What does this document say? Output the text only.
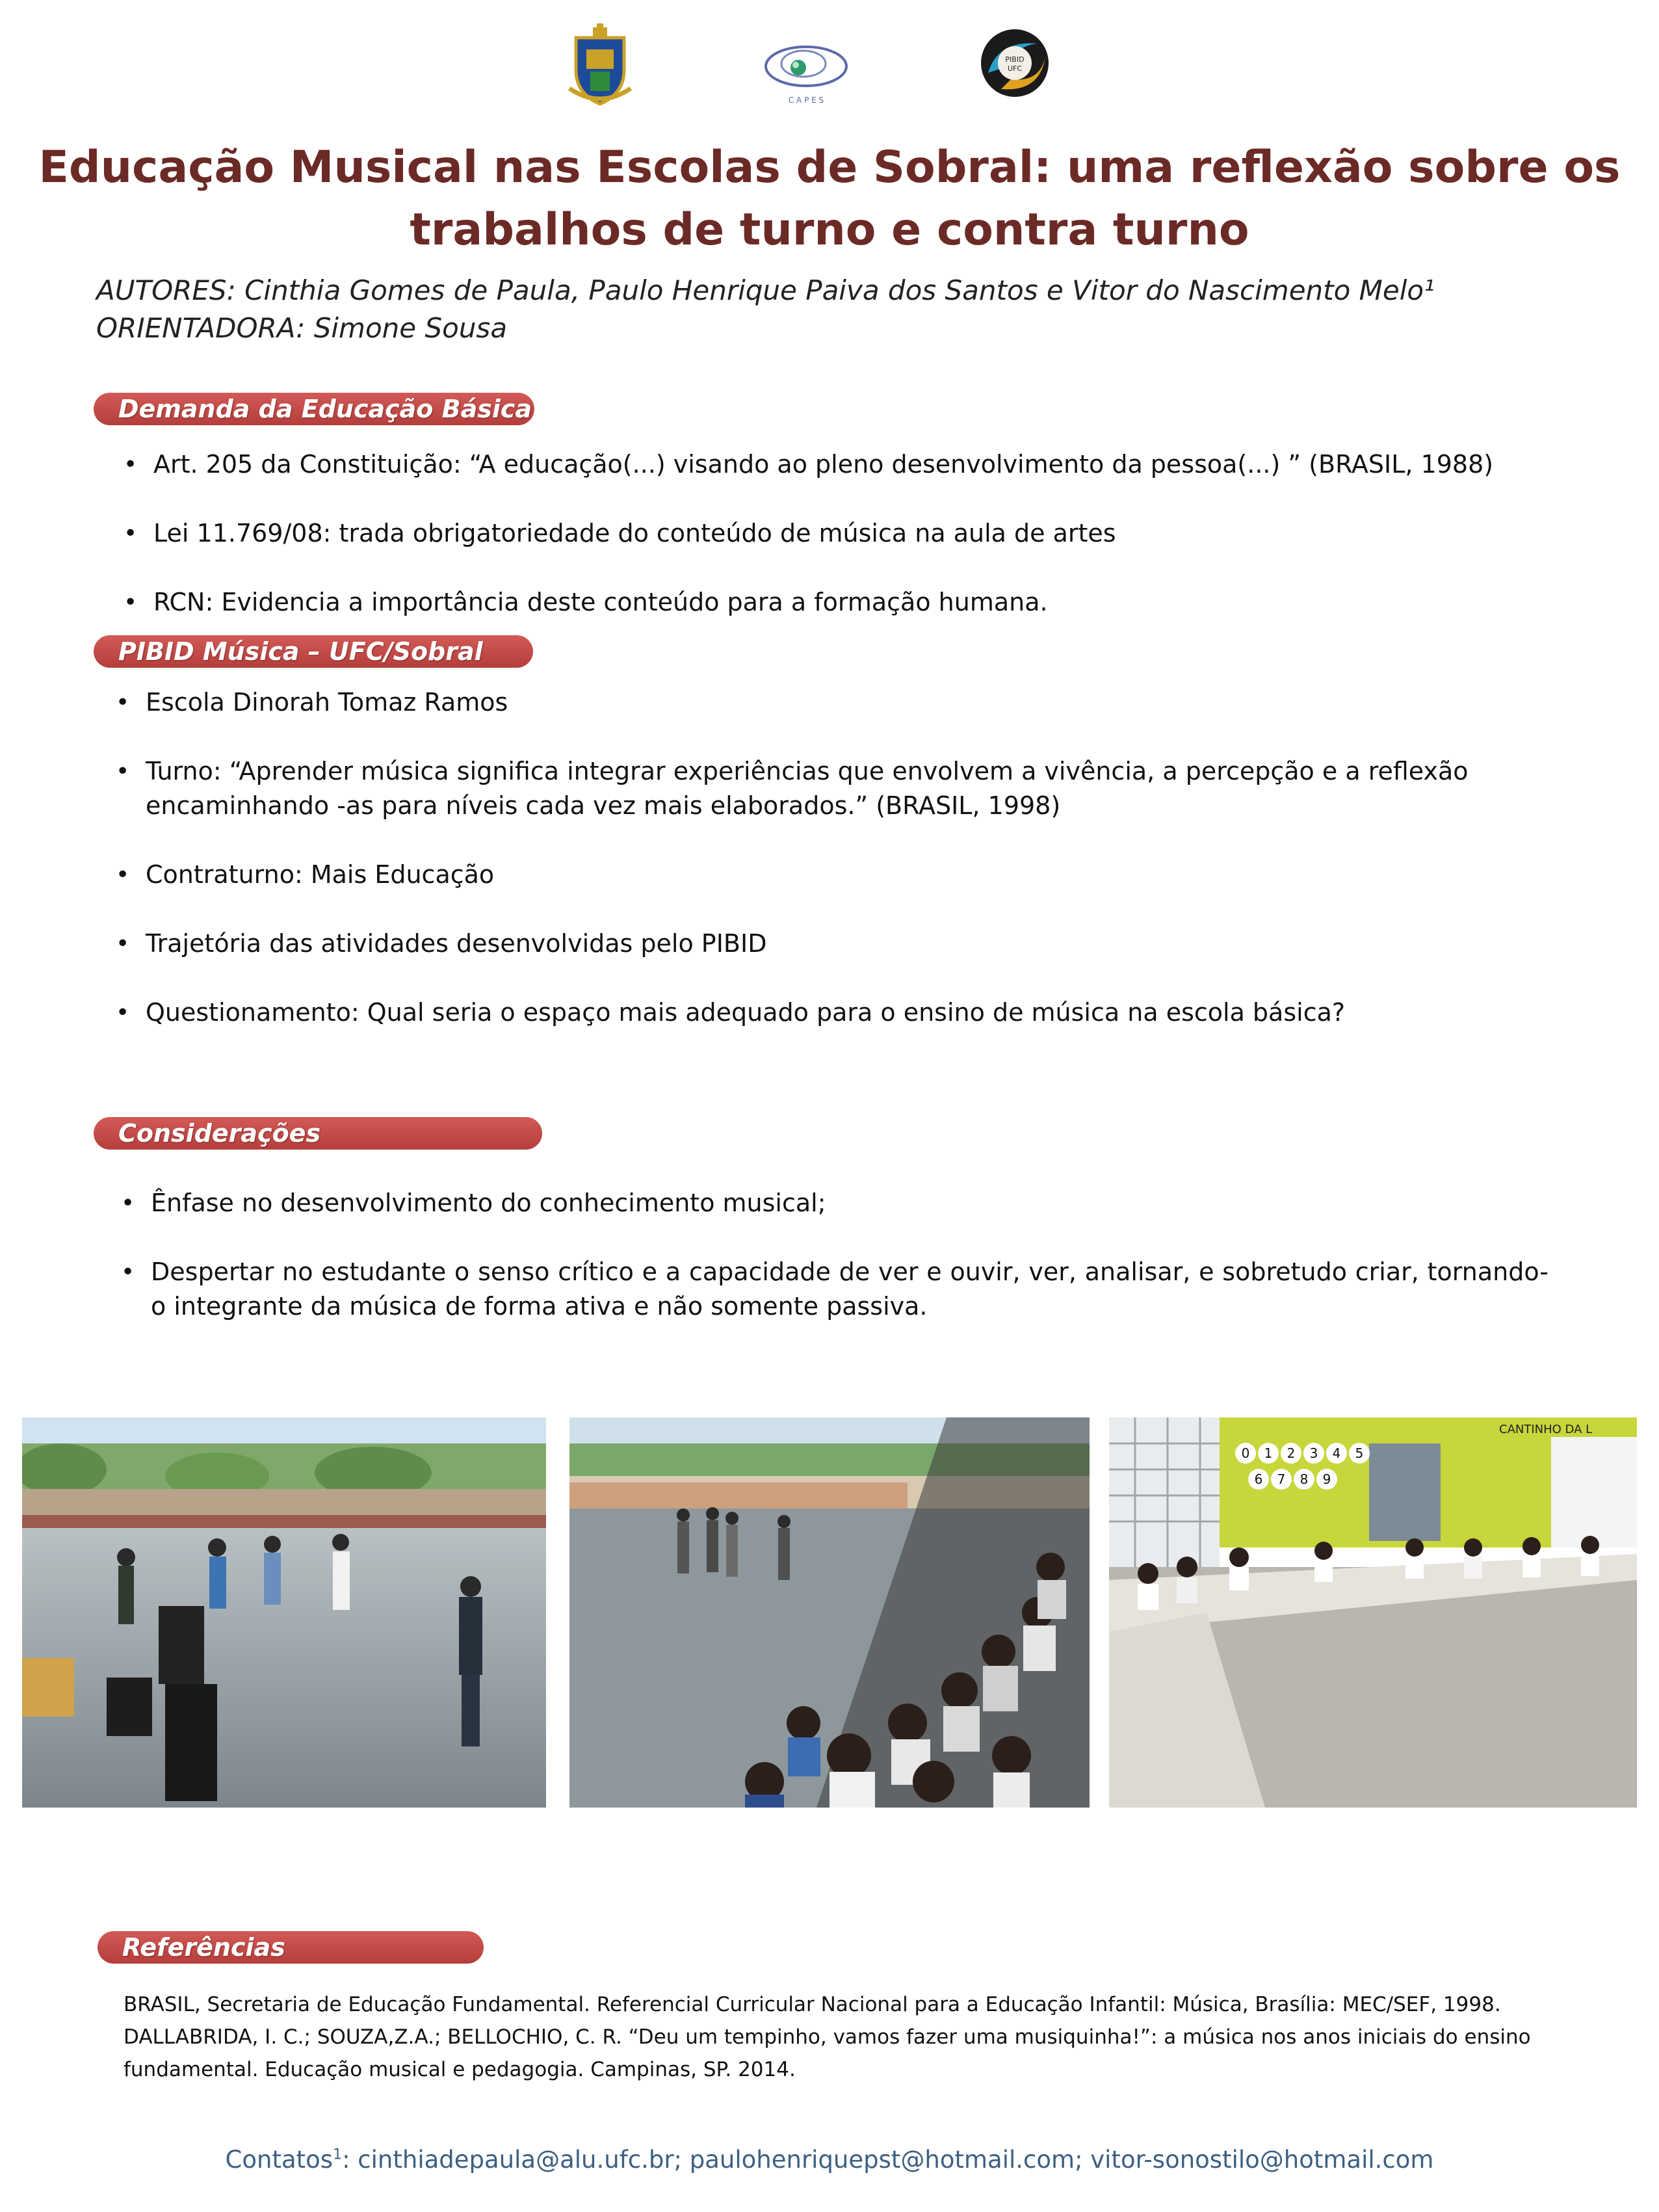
C A P E S
PIBID
UFC
Educação Musical nas Escolas de Sobral: uma reflexão sobre os
trabalhos de turno e contra turno
AUTORES: Cinthia Gomes de Paula, Paulo Henrique Paiva dos Santos e Vitor do Nascimento Melo¹
ORIENTADORA: Simone Sousa
Demanda da Educação Básica
• Art. 205 da Constituição: “A educação(...) visando ao pleno desenvolvimento da pessoa(...) ” (BRASIL, 1988)
• Lei 11.769/08: trada obrigatoriedade do conteúdo de música na aula de artes
• RCN: Evidencia a importância deste conteúdo para a formação humana.
PIBID Música – UFC/Sobral
• Escola Dinorah Tomaz Ramos
• Turno: “Aprender música significa integrar experiências que envolvem a vivência, a percepção e a reflexão encaminhando -as para níveis cada vez mais elaborados.” (BRASIL, 1998)
• Contraturno: Mais Educação
• Trajetória das atividades desenvolvidas pelo PIBID
• Questionamento: Qual seria o espaço mais adequado para o ensino de música na escola básica?
Considerações
• Ênfase no desenvolvimento do conhecimento musical;
• Despertar no estudante o senso crítico e a capacidade de ver e ouvir, ver, analisar, e sobretudo criar, tornando-o integrante da música de forma ativa e não somente passiva.
CANTINHO DA L
0 1 2 3 4 5
6 7 8 9
Referências
BRASIL, Secretaria de Educação Fundamental. Referencial Curricular Nacional para a Educação Infantil: Música, Brasília: MEC/SEF, 1998.
DALLABRIDA, I. C.; SOUZA,Z.A.; BELLOCHIO, C. R. “Deu um tempinho, vamos fazer uma musiquinha!”: a música nos anos iniciais do ensino fundamental. Educação musical e pedagogia. Campinas, SP. 2014.
Contatos$^1$: cinthiadepaula@alu.ufc.br; paulohenriquepst@hotmail.com; vitor-sonostilo@hotmail.com
